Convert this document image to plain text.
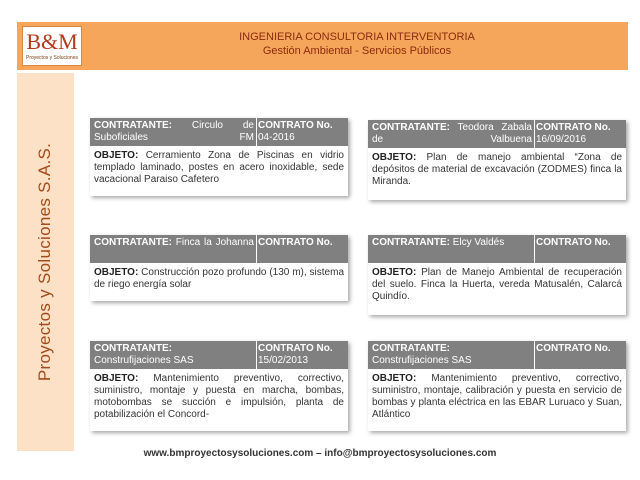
B&M
Proyectos y Soluciones
INGENIERIA CONSULTORIA INTERVENTORIA
Gestión Ambiental - Servicios Públicos
Proyectos y Soluciones S.A.S.
CONTRATANTE: Circulo de Suboficiales FM
CONTRATO No.
04-2016
OBJETO: Cerramiento Zona de Piscinas en vidrio templado laminado, postes en acero inoxidable, sede vacacional Paraiso Cafetero
CONTRATANTE: Teodora Zabala de Valbuena
CONTRATO No.
16/09/2016
OBJETO: Plan de manejo ambiental “Zona de depósitos de material de excavación (ZODMES) finca la Miranda.
CONTRATANTE: Finca la Johanna CONTRATO No.
OBJETO: Construcción pozo profundo (130 m), sistema de riego energía solar
CONTRATANTE: Elcy Valdés	CONTRATO No.
OBJETO: Plan de Manejo Ambiental de recuperación del suelo. Finca la Huerta, vereda Matusalén, Calarcá Quindío.
CONTRATANTE:
Construfijaciones SAS
CONTRATO No.
15/02/2013
OBJETO: Mantenimiento preventivo, correctivo, suministro, montaje y puesta en marcha, bombas, motobombas se succión e impulsión, planta de potabilización el Concord-
CONTRATANTE:
Construfijaciones SAS
CONTRATO No.
OBJETO: Mantenimiento preventivo, correctivo, suministro, montaje, calibración y puesta en servicio de bombas y planta eléctrica en las EBAR Luruaco y Suan, Atlántico
www.bmproyectosysoluciones.com – info@bmproyectosysoluciones.com
